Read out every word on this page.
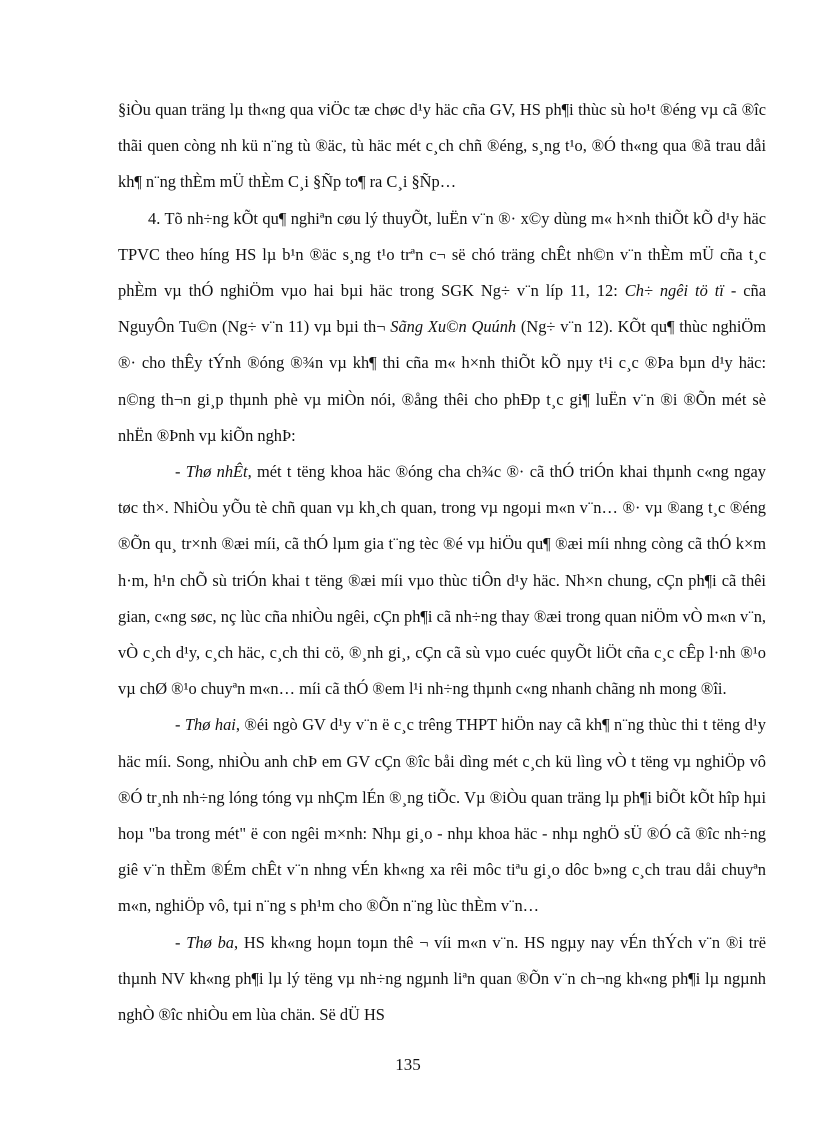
§iÒu quan träng lµ th«ng qua viÖc tæ chøc d¹y häc cña GV, HS ph¶i thùc sù ho¹t ®éng vµ cã ®îc thãi quen còng nh kü n¨ng tù ®äc, tù häc mét c¸ch chñ ®éng, s¸ng t¹o, ®Ó th«ng qua ®ã trau dåi kh¶ n¨ng thÈm mÜ thÈm C¸i §Ñp to¶ ra C¸i §Ñp…

4. Tõ nh÷ng kÕt qu¶ nghiªn cøu lý thuyÕt, luËn v¨n ®· x©y dùng m« h×nh thiÕt kÕ d¹y häc TPVC theo híng HS lµ b¹n ®äc s¸ng t¹o trªn c¬ së chó träng chÊt nh©n v¨n thÈm mÜ cña t¸c phÈm vµ thÓ nghiÖm vµo hai bµi häc trong SGK Ng÷ v¨n líp 11, 12: Ch÷ ngêi tö tï - cña NguyÔn Tu©n (Ng÷ v¨n 11) vµ bµi th¬ Sãng Xu©n Quúnh (Ng÷ v¨n 12). KÕt qu¶ thùc nghiÖm ®· cho thÊy tÝnh ®óng ®¾n vµ kh¶ thi cña m« h×nh thiÕt kÕ nµy t¹i c¸c ®Þa bµn d¹y häc: n©ng th¬n gi¸p thµnh phè vµ miÒn nói, ®ång thêi cho phÐp t¸c gi¶ luËn v¨n ®i ®Õn mét sè nhËn ®Þnh vµ kiÕn nghÞ:

- Thø nhÊt, mét t tëng khoa häc ®óng cha ch¾c ®· cã thÓ triÓn khai thµnh c«ng ngay tøc th×. NhiÒu yÕu tè chñ quan vµ kh¸ch quan, trong vµ ngoµi m«n v¨n… ®· vµ ®ang t¸c ®éng ®Õn qu¸ tr×nh ®æi míi, cã thÓ lµm gia t¨ng tèc ®é vµ hiÖu qu¶ ®æi míi nhng còng cã thÓ k×m h·m, h¹n chÕ sù triÓn khai t tëng ®æi míi vµo thùc tiÔn d¹y häc. Nh×n chung, cÇn ph¶i cã thêi gian, c«ng søc, nç lùc cña nhiÒu ngêi, cÇn ph¶i cã nh÷ng thay ®æi trong quan niÖm vÒ m«n v¨n, vÒ c¸ch d¹y, c¸ch häc, c¸ch thi cö, ®¸nh gi¸, cÇn cã sù vµo cuéc quyÕt liÖt cña c¸c cÊp l·nh ®¹o vµ chØ ®¹o chuyªn m«n… míi cã thÓ ®em l¹i nh÷ng thµnh c«ng nhanh chãng nh mong ®îi.

- Thø hai, ®éi ngò GV d¹y v¨n ë c¸c trêng THPT hiÖn nay cã kh¶ n¨ng thùc thi t tëng d¹y häc míi. Song, nhiÒu anh chÞ em GV cÇn ®îc båi dìng mét c¸ch kü lìng vÒ t tëng vµ nghiÖp vô ®Ó tr¸nh nh÷ng lóng tóng vµ nhÇm lÉn ®¸ng tiÕc. Vµ ®iÒu quan träng lµ ph¶i biÕt kÕt hîp hµi hoµ "ba trong mét" ë con ngêi m×nh: Nhµ gi¸o - nhµ khoa häc - nhµ nghÖ sÜ ®Ó cã ®îc nh÷ng giê v¨n thÈm ®Ém chÊt v¨n nhng vÉn kh«ng xa rêi môc tiªu gi¸o dôc b»ng c¸ch trau dåi chuyªn m«n, nghiÖp vô, tµi n¨ng s ph¹m cho ®Õn n¨ng lùc thÈm v¨n…

- Thø ba, HS kh«ng hoµn toµn thê ¬ víi m«n v¨n. HS ngµy nay vÉn thÝch v¨n ®i trë thµnh NV kh«ng ph¶i lµ lý tëng vµ nh÷ng ngµnh liªn quan ®Õn v¨n ch¬ng kh«ng ph¶i lµ ngµnh nghÒ ®îc nhiÒu em lùa chän. Së dÜ HS

135
